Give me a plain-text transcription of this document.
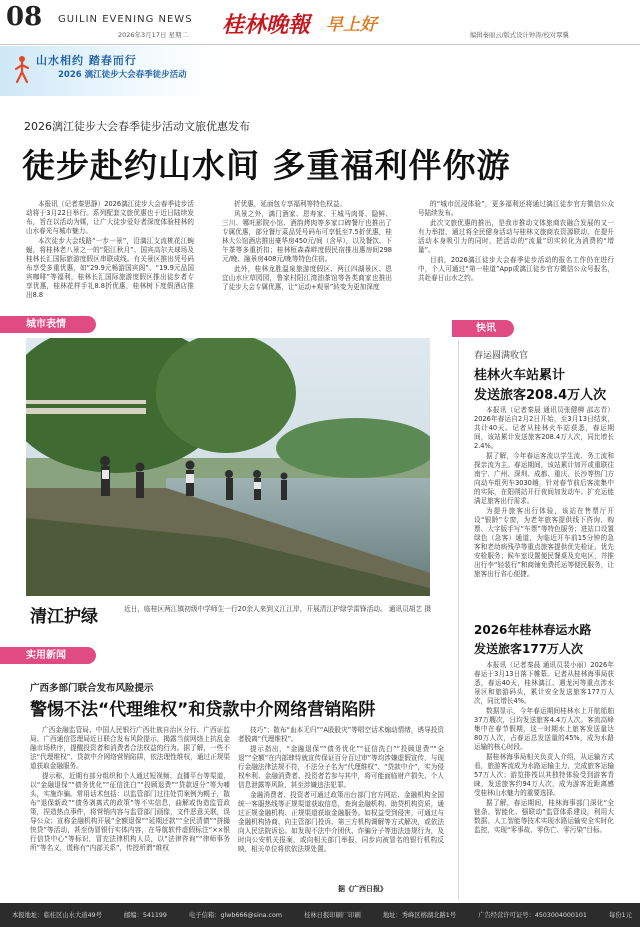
08 GUILIN EVENING NEWS
2026年3月17日 星期二 桂林晚報 早上好
编辑秦丽云/版式设计钟涛/校对覃骥
山水相约 踏春而行
2026 漓江徒步大会春季徒步活动
2026漓江徒步大会春季徒步活动文旅优惠发布
徒步赴约山水间 多重福利伴你游

本报讯（记者秦思静）2026漓江徒步大会春季徒步活动将于3月22日举行。系列配套文旅优惠也于近日陆续发布，旨在以活动为媒，让广大徒步爱好者深度体验桂林的山水春光与城市魅力。

本次徒步大会线路“一步一景”，沿漓江支流桃花江蜿蜒，将桂林老八景之一的“阳江秋月”、国宾高尔夫球场及桂林长汇国际旅游度假区串联成线。有关景区推出凭号码布享受多重优惠，如“29.9元畅游国宾阁”、“19.9元品国宾咖啡”等福利，桂林长汇国际旅游度假区推出徒步者专享优惠，桂林花样手礼8.8折优惠，桂林树下度假酒店推出8.8

折优惠，延面包专享福利等特色权益。

风景之外，漓门酒家、恩寿家、王城马肉哥、隐鲜、三川、哪吒影院小馆、酒韵烤肉等多家口碑餐厅也推出了专属优惠，部分餐厅菜品凭号码布可享低至7.5折优惠，桂林大公馆酒店推出豪华房450元/间（含早），以及餐饮、下午茶等多重折扣；桂林桓森森畔度假民宿推出惠房间298元/晚、融景房408元/晚等特色住宿。

此外，桂林龙胜温泉旅游度假区、两江四湖景区、恩宜山水庄草园园，鲁家村阳江湾油茶馆等各类商家也推出了徒步大会专属优惠，让“运动+观景”转变为更加深度

的“城市沉浸体验”，更多福利还将通过漓江徒步官方微信公众号陆续发布。

此次文旅优惠的推出，是我市推动文体旅商农融合发展的又一有力举措，通过将全民健身活动与桂林文旅商农资源联动，在提升活动本身吸引力的同时，把活动的“流量”切实转化为消费的“增量”。

目前，2026漓江徒步大会春季徒步活动的报名工作仍在进行中，个人可通过“第一桂道”App或漓江徒步官方微信公众号报名，共赴春日山水之约。

城市表情
清江护绿	近日，临桂区两江镇初级中学师生一行20余人来到义江江岸，开展清江护绿学雷锋活动。 通讯员胡艺 摄
快讯
春运圆满收官
桂林火车站累计
发送旅客208.4万人次

本报讯（记者秦晨 通讯员张健柳 邵志青）2026年春运自2月2日开始，至3月13日结束，共计40天。记者从桂林火车站获悉，春运期间，该站累计发送旅客208.4万人次，同比增长2.4%。

据了解，今年春运客流以学生流、务工流和探亲流为主。春运期间，该站累计加开或重联往南宁、广州、深圳、成都、重庆、长沙等热门方向动车组列车3030趟，针对春节前后客流集中的实际，在阳朔站开行夜间加发动车。扩充运能满足旅客出行需求。

为提升旅客出行体验，该站在售票厅开设“银龄”专窗，为老年旅客提供线下咨询、购票、大字版手写“车票”等特色服务；进站口设置绿色（急客）通道，为临近开车前15分钟的急客和老幼病残孕等重点旅客提供优先检证、优先安检服务；候车室设置便民餐桌及充电区，并推出行李“轻装行”和商铺免费托运等便民服务，让旅客出行省心便捷。

2026年桂林春运水路
发送旅客177万人次

本报讯（记者秦晨 通讯员裴小丽）2026年春运于3月13日落下帷幕。记者从桂林海事局获悉，春运40天，桂林漓江、遇龙河等重点涉水景区和旅游码头，累计安全发送旅客177万人次，同比增长4%。

数据显示，今年春运期间桂林水上开航船舶37万艘次，日均发送旅客4.4万人次。客流高峰集中在春节假期，这一时期水上旅客发送量达80万人次，占春运总发送量的45%，成为水路运输的核心时段。

据桂林海事局相关负责人介绍，从运输方式看，旅游客流成为水路运输主力，完成旅客运输57万人次；游览排筏以其独特体验受到游客青睐，发送旅客约94万人次，成为游客近距离感受桂林山水魅力的重要选择。

据了解，春运期间，桂林海事部门深化“全链条、智能化、强联动”监管体系建设，利用大数据、人工智能等技术实现水路运输安全实时化监控，实现“零事故、零伤亡、零污染”目标。

实用新闻
广西多部门联合发布风险提示
警惕不法“代理维权”和贷款中介网络营销陷阱

广西金融监管局、中国人民银行广西壮族自治区分行、广西证监局、广西通信管理局近日联合发布风险提示，揭露当前网络上抗乱金融市场秩序，提醒投资者和消费者合法权益的行为。据了解，一些不法“代理维权”、贷款中介网络营销陷阱，依法理性维权，通过正规渠道获取金融服务。

提示称，近期有部分组织和个人通过短视频、直播平台等渠道，以“金融退保”“债务优化”“征信洗白”“投顾退费”“贷款返分”等为噱头，实施诈骗。常用话术包括：以监管部门过往处罚案例为幌子，散布“退保新政”“债务剥离式的政策”等不实信息，曲解或伪造监管政策，捏造热点事件，将营销内容与监管部门画像，文件恶意关联，误导公众；宣称金融机构开展“全额退保”“延期还款”“全民清债”“拼撮快贷”等活动，甚至伪冒银行实体内容，在导航软件虚假标注“××银行信贷中心”等标识，冒充法律机构人员，以“法律咨询”“律师事务所”等名义，谎称有“内部关系”，传授所谓“维权

技巧”；散布“血本无归”“A股股灾”等唱空话术煽动情绪，诱导投资者脱离“代理维权”。

提示指出，“金融退保”“债务优化”“征信洗白”“投顾退费”“全退”“全额”在内部肆恃就宣传保证百分百过审”等均涉嫌虚假宣传，与现行金融法律法规不符，不法分子名为“代理维权”、“贷款中介”，实为侵权牟利、金融消费者、投资者若参与其中，将可能面临财产损失、个人信息泄露等风险，甚至涉嫌违法犯罪。

金融消费者、投资者可通过政策出台部门官方网站、金融机构全国统一客服热线等正规渠道获取信息，查询金融机构、助贷机构资质，通过正规金融机构、正规渠道获取金融服务。如权益受到侵害，可通过与金融机构协商、向主管部门投诉、第三方机构调解等方式解决，或依法向人民法院诉讼。如发现不法中介团伙、诈骗分子等违法违规行为，及时向公安机关报案，或向相关部门举报，同步向被冒名的银行机构反映，相关单位将依依法规处置。

据《广西日报》
本报地址：临桂区山水大道49号	邮编：541199	电子信箱：glwb666@sina.com	桂林日报印刷厂印刷	地址：秀峰区榕湖北路1号	广告经营许可证号：4503004000101	每份1元
